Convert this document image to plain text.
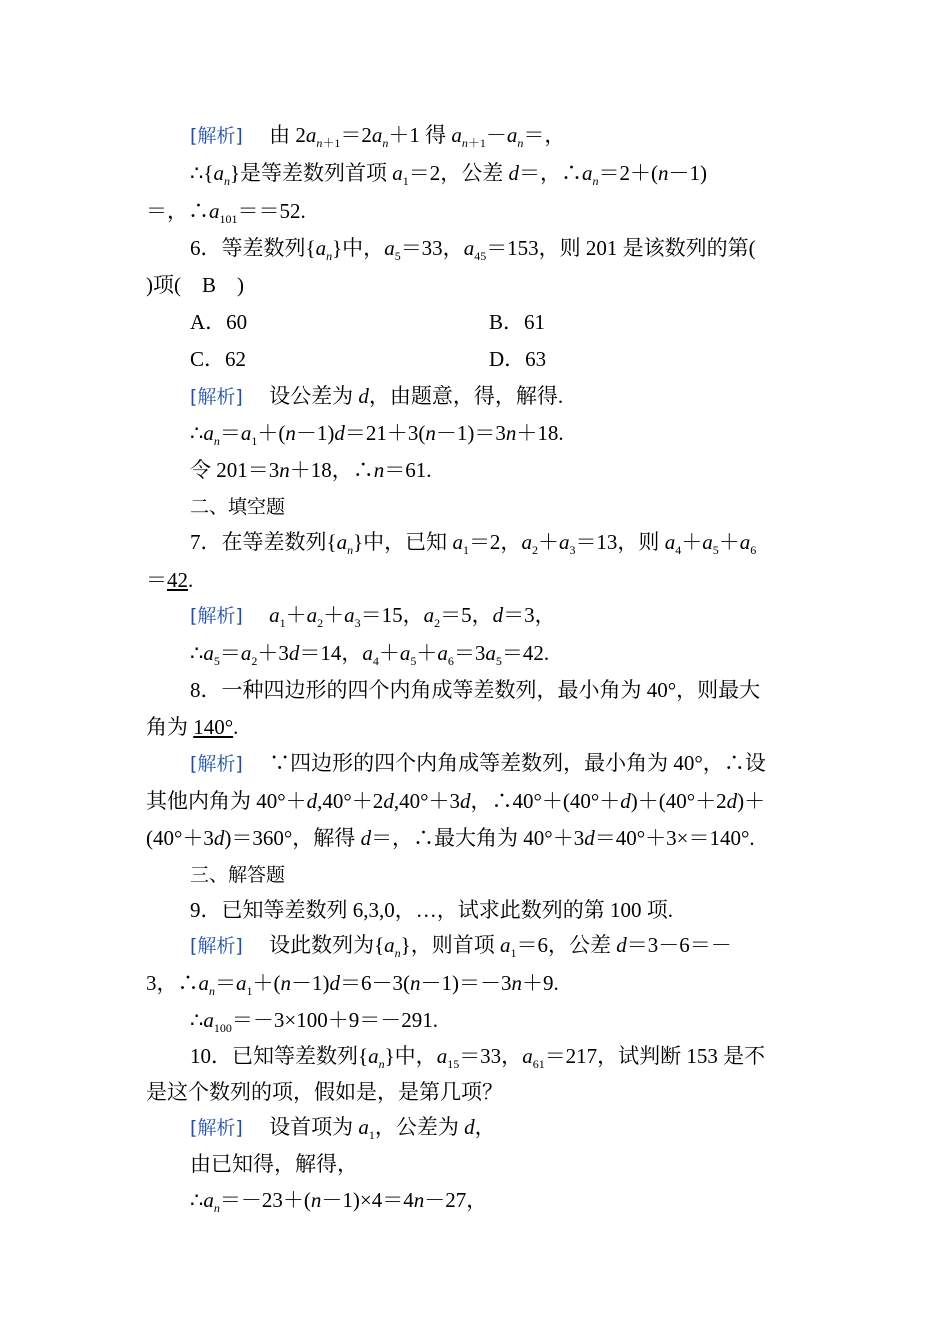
[解析] 　由 $2a_{n+1}=2a_n+1$ 得 $a_{n+1}-a_n=$，
$\therefore\{a_n\}$是等差数列首项 $a_1=2$，公差 d＝，$\therefore a_n=2+(n-1)$
＝，$\therefore a_{101}==52$.
6．等差数列$\{a_n\}$中，$a_5=33$，$a_{45}=153$，则 201 是该数列的第(
)项(　B　)
A．60	B．61
C．62	D．63
[解析] 　设公差为 d，由题意，得，解得.
$\therefore a_n=a_1+(n-1)d=21+3(n-1)=3n+18$.
令 201＝3n＋18，∴n＝61.
二、填空题
7．在等差数列$\{a_n\}$中，已知 $a_1=2$，$a_2+a_3=13$，则 $a_4+a_5+a_6$
＝42.
[解析] 　 $a_1+a_2+a_3=15$，$a_2=5$，d＝3，
$\therefore a_5=a_2+3d=14$，$a_4+a_5+a_6=3a_5=42$.
8．一种四边形的四个内角成等差数列，最小角为 40°，则最大
角为 140°.
[解析] 　∵四边形的四个内角成等差数列，最小角为 40°，∴设
其他内角为 40°＋d,40°＋2d,40°＋3d，∴40°＋(40°＋d)＋(40°＋2d)＋
(40°＋3d)＝360°，解得 d＝，∴最大角为 40°＋3d＝40°＋3×＝140°.
三、解答题
9．已知等差数列 6,3,0，…，试求此数列的第 100 项.
[解析] 　设此数列为$\{a_n\}$，则首项 $a_1=6$，公差 d＝3－6＝－
3，$\therefore a_n=a_1+(n-1)d=6-3(n-1)=-3n+9$.
$\therefore a_{100}=-3\times 100+9=-291$.
10．已知等差数列$\{a_n\}$中，$a_{15}=33$，$a_{61}=217$，试判断 153 是不
是这个数列的项，假如是，是第几项？
[解析] 　设首项为 $a_1$，公差为 d，
由已知得，解得，
$\therefore a_n=-23+(n-1)\times 4=4n-27$，
